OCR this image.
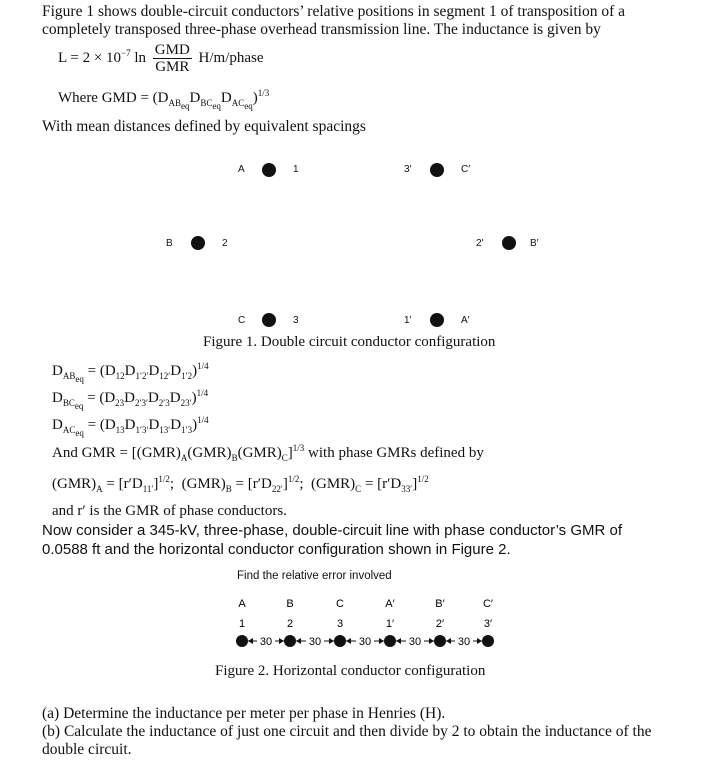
Figure 1 shows double-circuit conductors’ relative positions in segment 1 of transposition of a
completely transposed three-phase overhead transmission line. The inductance is given by
$L = 2 \times 10^{-7}$ $\ln \frac{\text{GMD}}{\text{GMR}}$ H/m/phase
Where GMD = $(D_{AB_{eq}}D_{BC_{eq}}D_{AC_{eq}})^{1/3}$
With mean distances defined by equivalent spacings
A	1	3′	C′
B	2	2′	B′
C	3	1′	A′
Figure 1. Double circuit conductor configuration
$D_{AB_{eq}} = (D_{12}D_{1'2'}D_{12'}D_{1'2})^{1/4}$
$D_{BC_{eq}} = (D_{23}D_{2'3'}D_{2'3}D_{23'})^{1/4}$
$D_{AC_{eq}} = (D_{13}D_{1'3'}D_{13'}D_{1'3})^{1/4}$
And GMR = $[(GMR)_A(GMR)_B(GMR)_C]^{1/3}$ with phase GMRs defined by
$(GMR)_A = [r'D_{11'}]^{1/2}$;  $(GMR)_B = [r'D_{22'}]^{1/2}$;  $(GMR)_C = [r'D_{33'}]^{1/2}$
and r′ is the GMR of phase conductors.
Now consider a 345-kV, three-phase, double-circuit line with phase conductor’s GMR of
0.0588 ft and the horizontal conductor configuration shown in Figure 2.
Find the relative error involved
A	B	C	A′	B′	C′
1	2	3	1′	2′	3′
30	30	30	30	30
Figure 2. Horizontal conductor configuration
(a) Determine the inductance per meter per phase in Henries (H).
(b) Calculate the inductance of just one circuit and then divide by 2 to obtain the inductance of the
double circuit.
